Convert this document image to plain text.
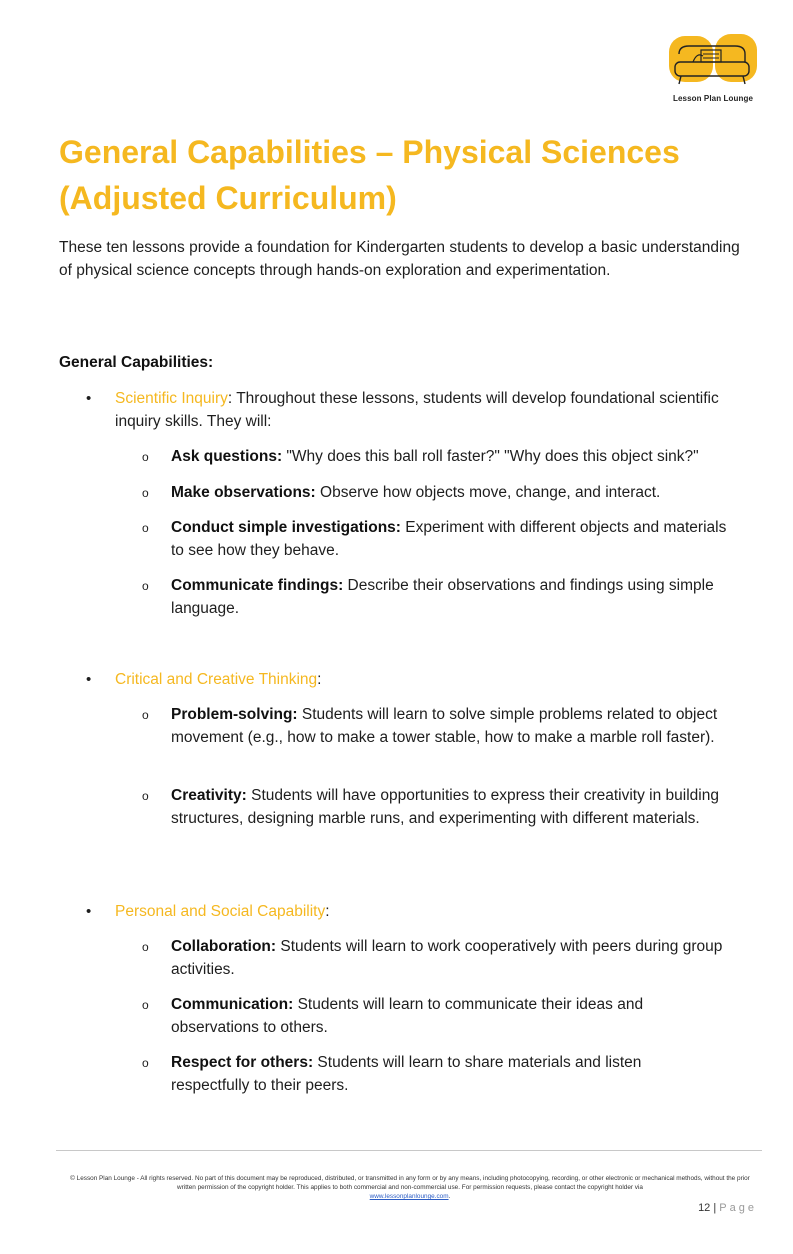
Lesson Plan Lounge
General Capabilities – Physical Sciences (Adjusted Curriculum)

These ten lessons provide a foundation for Kindergarten students to develop a basic understanding of physical science concepts through hands-on exploration and experimentation.

General Capabilities:

• Scientific Inquiry: Throughout these lessons, students will develop foundational scientific inquiry skills. They will:
o Ask questions: "Why does this ball roll faster?" "Why does this object sink?"
o Make observations: Observe how objects move, change, and interact.
o Conduct simple investigations: Experiment with different objects and materials to see how they behave.
o Communicate findings: Describe their observations and findings using simple language.
• Critical and Creative Thinking:
o Problem-solving: Students will learn to solve simple problems related to object movement (e.g., how to make a tower stable, how to make a marble roll faster).
o Creativity: Students will have opportunities to express their creativity in building structures, designing marble runs, and experimenting with different materials.
• Personal and Social Capability:
o Collaboration: Students will learn to work cooperatively with peers during group activities.
o Communication: Students will learn to communicate their ideas and observations to others.
o Respect for others: Students will learn to share materials and listen respectfully to their peers.

© Lesson Plan Lounge - All rights reserved. No part of this document may be reproduced, distributed, or transmitted in any form or by any means, including photocopying, recording, or other electronic or mechanical methods, without the prior written permission of the copyright holder. This applies to both commercial and non-commercial use. For permission requests, please contact the copyright holder via
www.lessonplanlounge.com.

12 | Page
